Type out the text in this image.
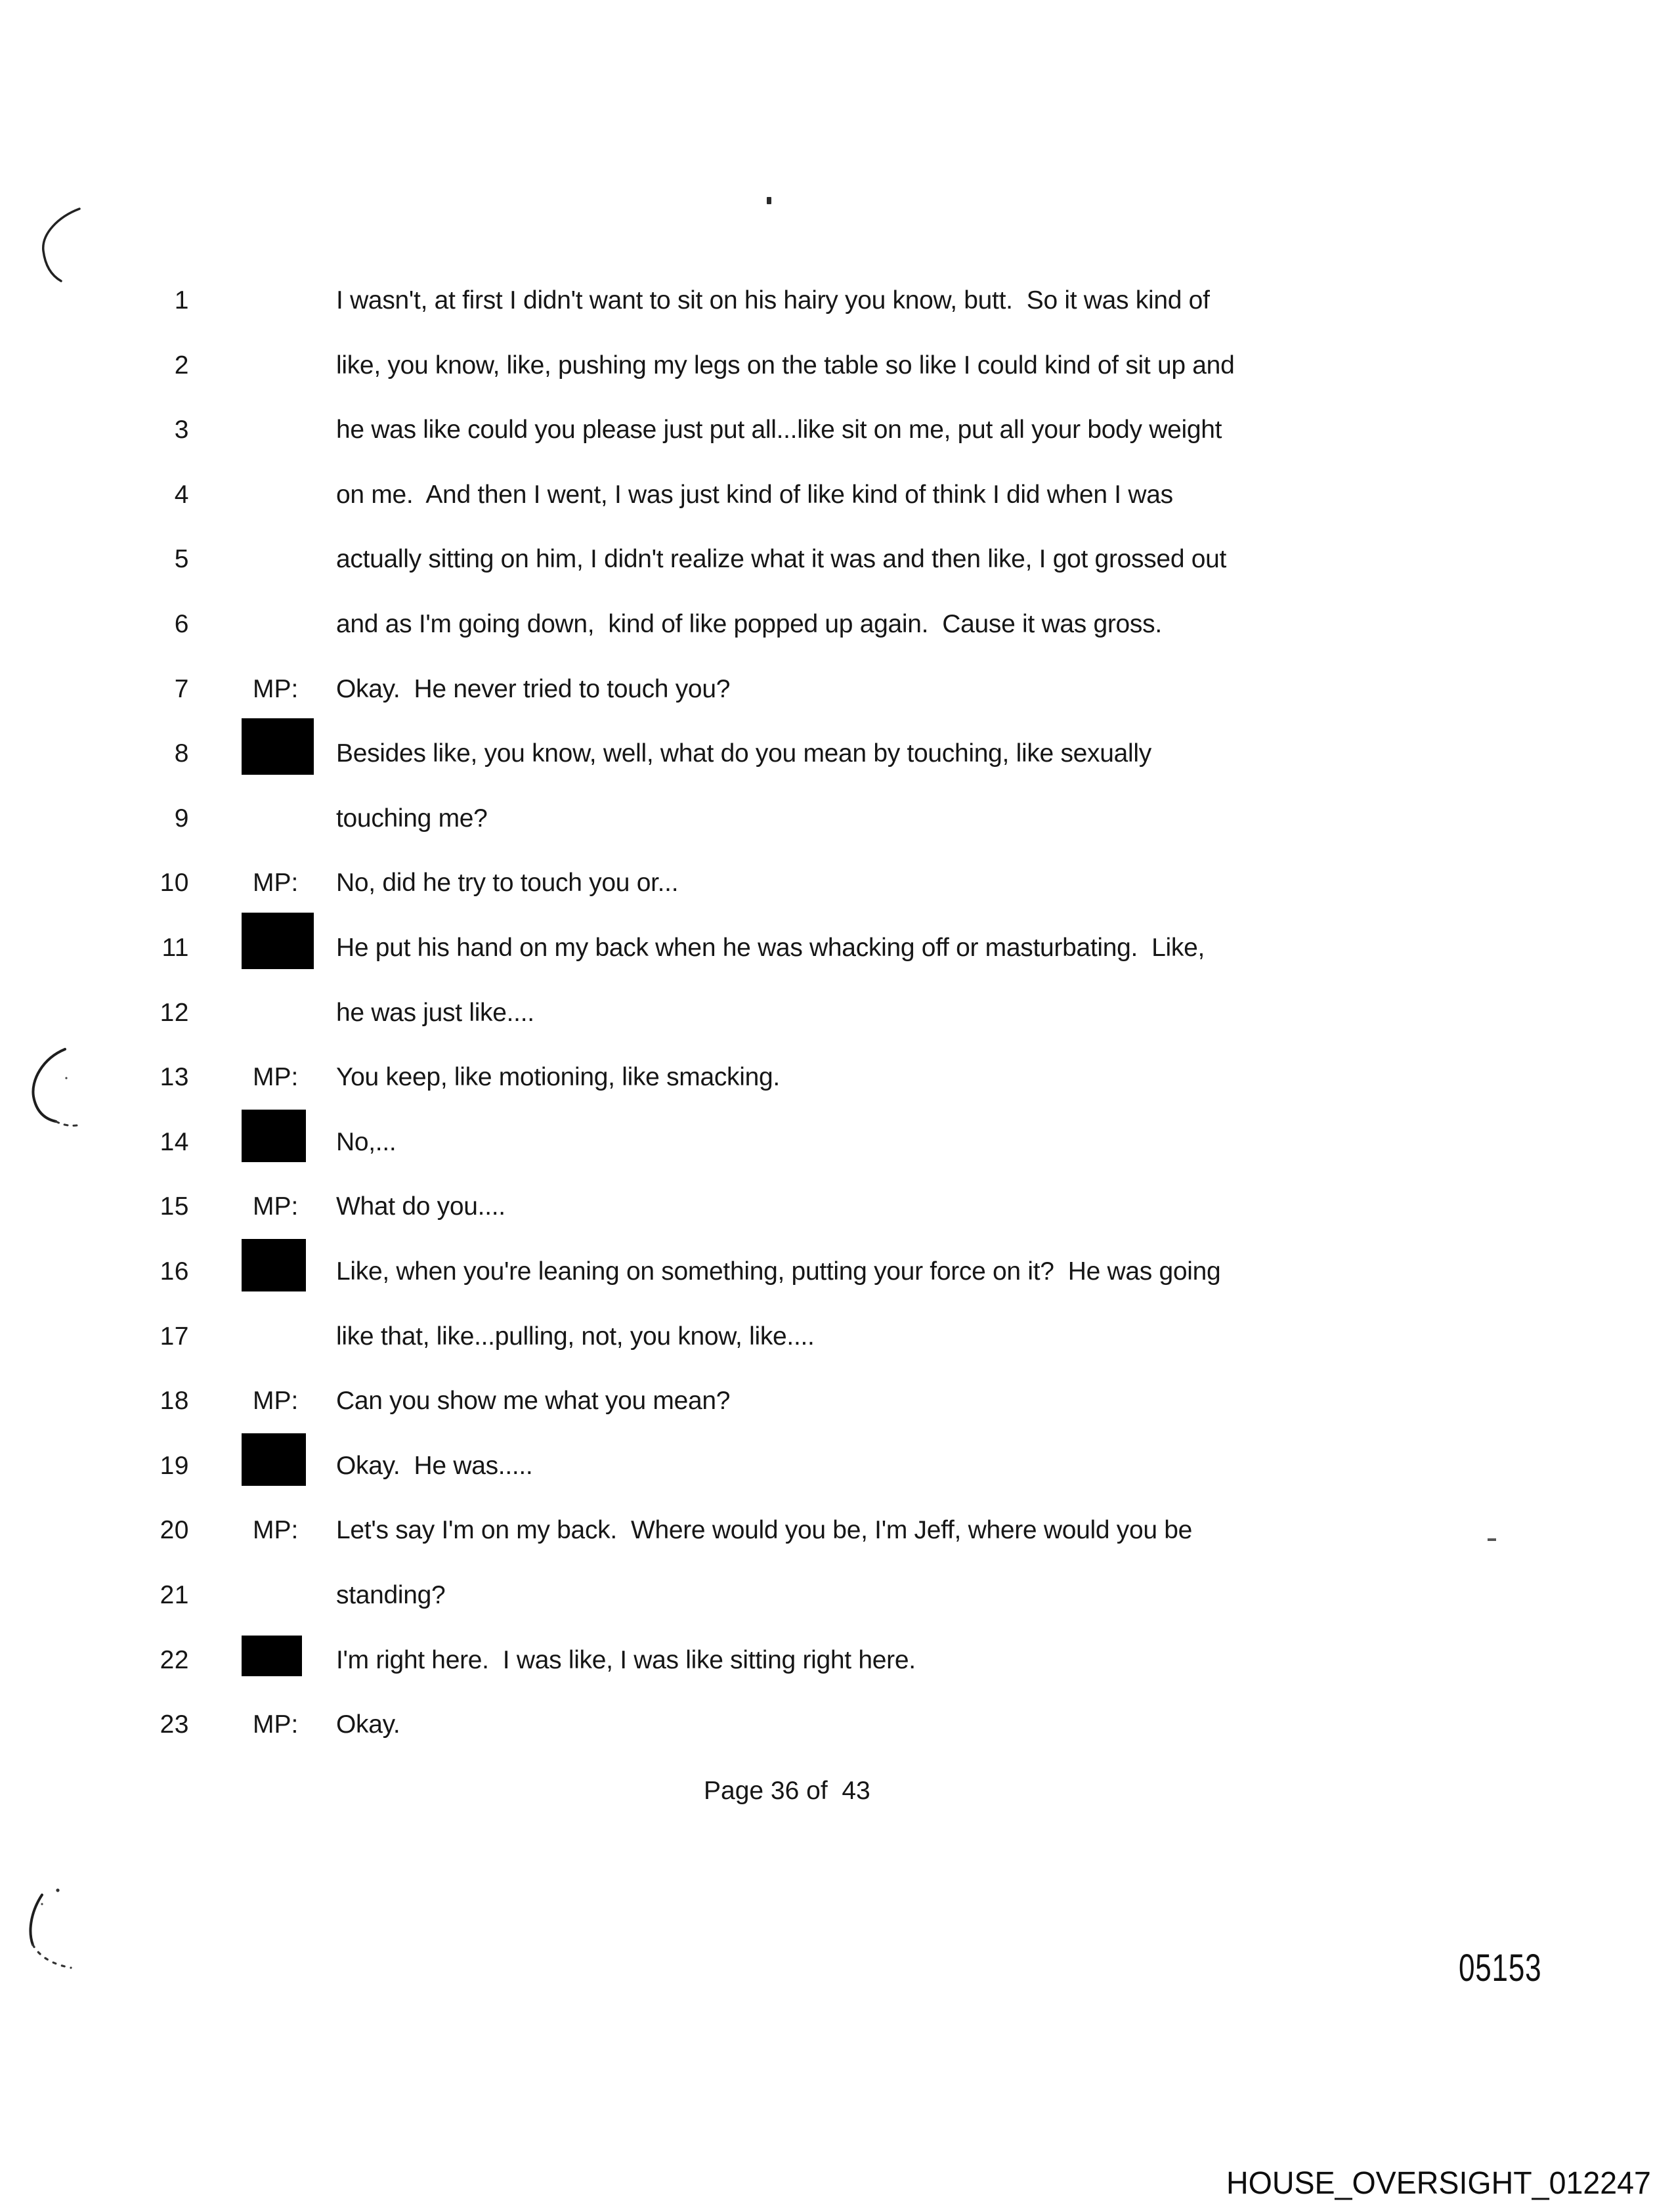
1	I wasn't, at first I didn't want to sit on his hairy you know, butt.  So it was kind of
2	like, you know, like, pushing my legs on the table so like I could kind of sit up and
3	he was like could you please just put all...like sit on me, put all your body weight
4	on me.  And then I went, I was just kind of like kind of think I did when I was
5	actually sitting on him, I didn't realize what it was and then like, I got grossed out
6	and as I'm going down,  kind of like popped up again.  Cause it was gross.
7 MP: Okay.  He never tried to touch you?
8	Besides like, you know, well, what do you mean by touching, like sexually
9	touching me?
10 MP: No, did he try to touch you or...
11	He put his hand on my back when he was whacking off or masturbating.  Like,
12	he was just like....
13 MP: You keep, like motioning, like smacking.
14	No,...
15 MP: What do you....
16	Like, when you're leaning on something, putting your force on it?  He was going
17	like that, like...pulling, not, you know, like....
18 MP: Can you show me what you mean?
19	Okay.  He was.....
20 MP: Let's say I'm on my back.  Where would you be, I'm Jeff, where would you be
21	standing?
22	I'm right here.  I was like, I was like sitting right here.
23 MP: Okay.
Page 36 of  43
05153
HOUSE_OVERSIGHT_012247
